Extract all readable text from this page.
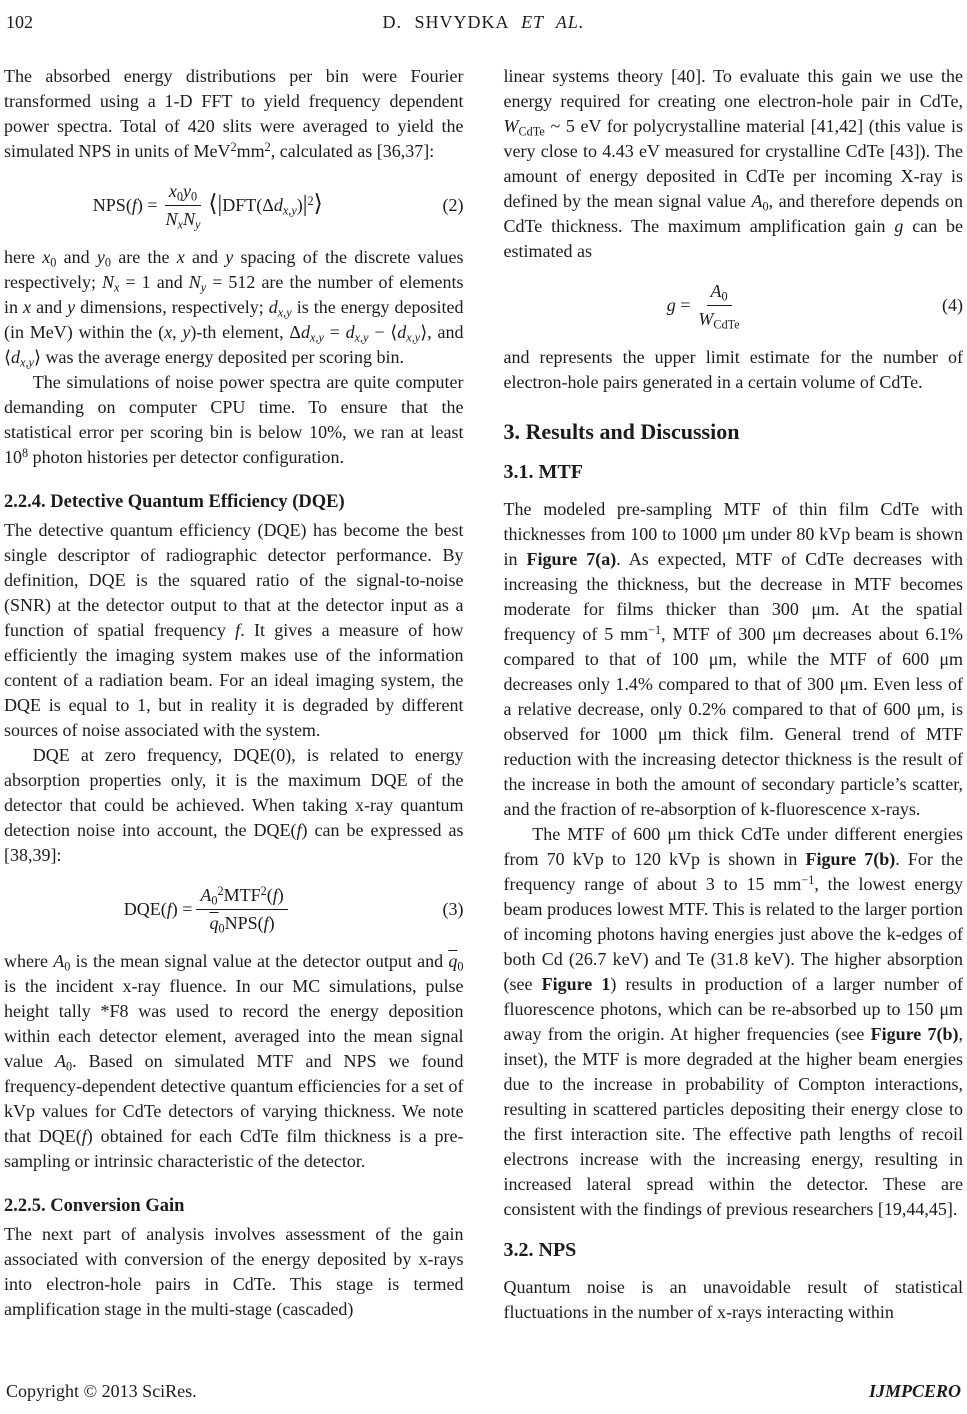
102	D. SHVYDKA ET AL.

The absorbed energy distributions per bin were Fourier transformed using a 1-D FFT to yield frequency dependent power spectra. Total of 420 slits were averaged to yield the simulated NPS in units of $MeV^2mm^2$, calculated as [36,37]:

$NPS(f) = \frac{x0y0}{\text{NxNy}}$ $⟨|DFT(\Delta dx,y)|^2⟩$	(2)

here x0 and y0 are the x and y spacing of the discrete values respectively; Nx = 1 and Ny = 512 are the number of elements in x and y dimensions, respectively; dx,y is the energy deposited (in MeV) within the (x, y)-th element, Δdx,y = dx,y − ⟨dx,y⟩, and ⟨dx,y⟩ was the average energy deposited per scoring bin.

The simulations of noise power spectra are quite computer demanding on computer CPU time. To ensure that the statistical error per scoring bin is below 10%, we ran at least $10^8$ photon histories per detector configuration.

2.2.4. Detective Quantum Efficiency (DQE)

The detective quantum efficiency (DQE) has become the best single descriptor of radiographic detector performance. By definition, DQE is the squared ratio of the signal-to-noise (SNR) at the detector output to that at the detector input as a function of spatial frequency f. It gives a measure of how efficiently the imaging system makes use of the information content of a radiation beam. For an ideal imaging system, the DQE is equal to 1, but in reality it is degraded by different sources of noise associated with the system.

DQE at zero frequency, DQE(0), is related to energy absorption properties only, it is the maximum DQE of the detector that could be achieved. When taking x-ray quantum detection noise into account, the DQE(f) can be expressed as [38,39]:

$DQE(f) = \frac{A0^2MTF^2(f)}{\overline{q}0NPS(f)}$	(3)

where A0 is the mean signal value at the detector output and $\overline{q}0$ is the incident x-ray fluence. In our MC simulations, pulse height tally *F8 was used to record the energy deposition within each detector element, averaged into the mean signal value A0. Based on simulated MTF and NPS we found frequency-dependent detective quantum efficiencies for a set of kVp values for CdTe detectors of varying thickness. We note that DQE(f) obtained for each CdTe film thickness is a pre-sampling or intrinsic characteristic of the detector.

2.2.5. Conversion Gain

The next part of analysis involves assessment of the gain associated with conversion of the energy deposited by x-rays into electron-hole pairs in CdTe. This stage is termed amplification stage in the multi-stage (cascaded)

linear systems theory [40]. To evaluate this gain we use the energy required for creating one electron-hole pair in CdTe, WCdTe ~ 5 eV for polycrystalline material [41,42] (this value is very close to 4.43 eV measured for crystalline CdTe [43]). The amount of energy deposited in CdTe per incoming X-ray is defined by the mean signal value A0, and therefore depends on CdTe thickness. The maximum amplification gain g can be estimated as

$g = \frac{A0}{\text{WCdTe}}$	(4)

and represents the upper limit estimate for the number of electron-hole pairs generated in a certain volume of CdTe.

3. Results and Discussion
3.1. MTF

The modeled pre-sampling MTF of thin film CdTe with thicknesses from 100 to 1000 μm under 80 kVp beam is shown in Figure 7(a). As expected, MTF of CdTe decreases with increasing the thickness, but the decrease in MTF becomes moderate for films thicker than 300 μm. At the spatial frequency of 5 $mm^{-1}$, MTF of 300 μm decreases about 6.1% compared to that of 100 μm, while the MTF of 600 μm decreases only 1.4% compared to that of 300 μm. Even less of a relative decrease, only 0.2% compared to that of 600 μm, is observed for 1000 μm thick film. General trend of MTF reduction with the increasing detector thickness is the result of the increase in both the amount of secondary particle’s scatter, and the fraction of re-absorption of k-fluorescence x-rays.

The MTF of 600 μm thick CdTe under different energies from 70 kVp to 120 kVp is shown in Figure 7(b). For the frequency range of about 3 to 15 $mm^{-1}$, the lowest energy beam produces lowest MTF. This is related to the larger portion of incoming photons having energies just above the k-edges of both Cd (26.7 keV) and Te (31.8 keV). The higher absorption (see Figure 1) results in production of a larger number of fluorescence photons, which can be re-absorbed up to 150 μm away from the origin. At higher frequencies (see Figure 7(b), inset), the MTF is more degraded at the higher beam energies due to the increase in probability of Compton interactions, resulting in scattered particles depositing their energy close to the first interaction site. The effective path lengths of recoil electrons increase with the increasing energy, resulting in increased lateral spread within the detector. These are consistent with the findings of previous researchers [19,44,45].

3.2. NPS

Quantum noise is an unavoidable result of statistical fluctuations in the number of x-rays interacting within

Copyright © 2013 SciRes.	IJMPCERO
